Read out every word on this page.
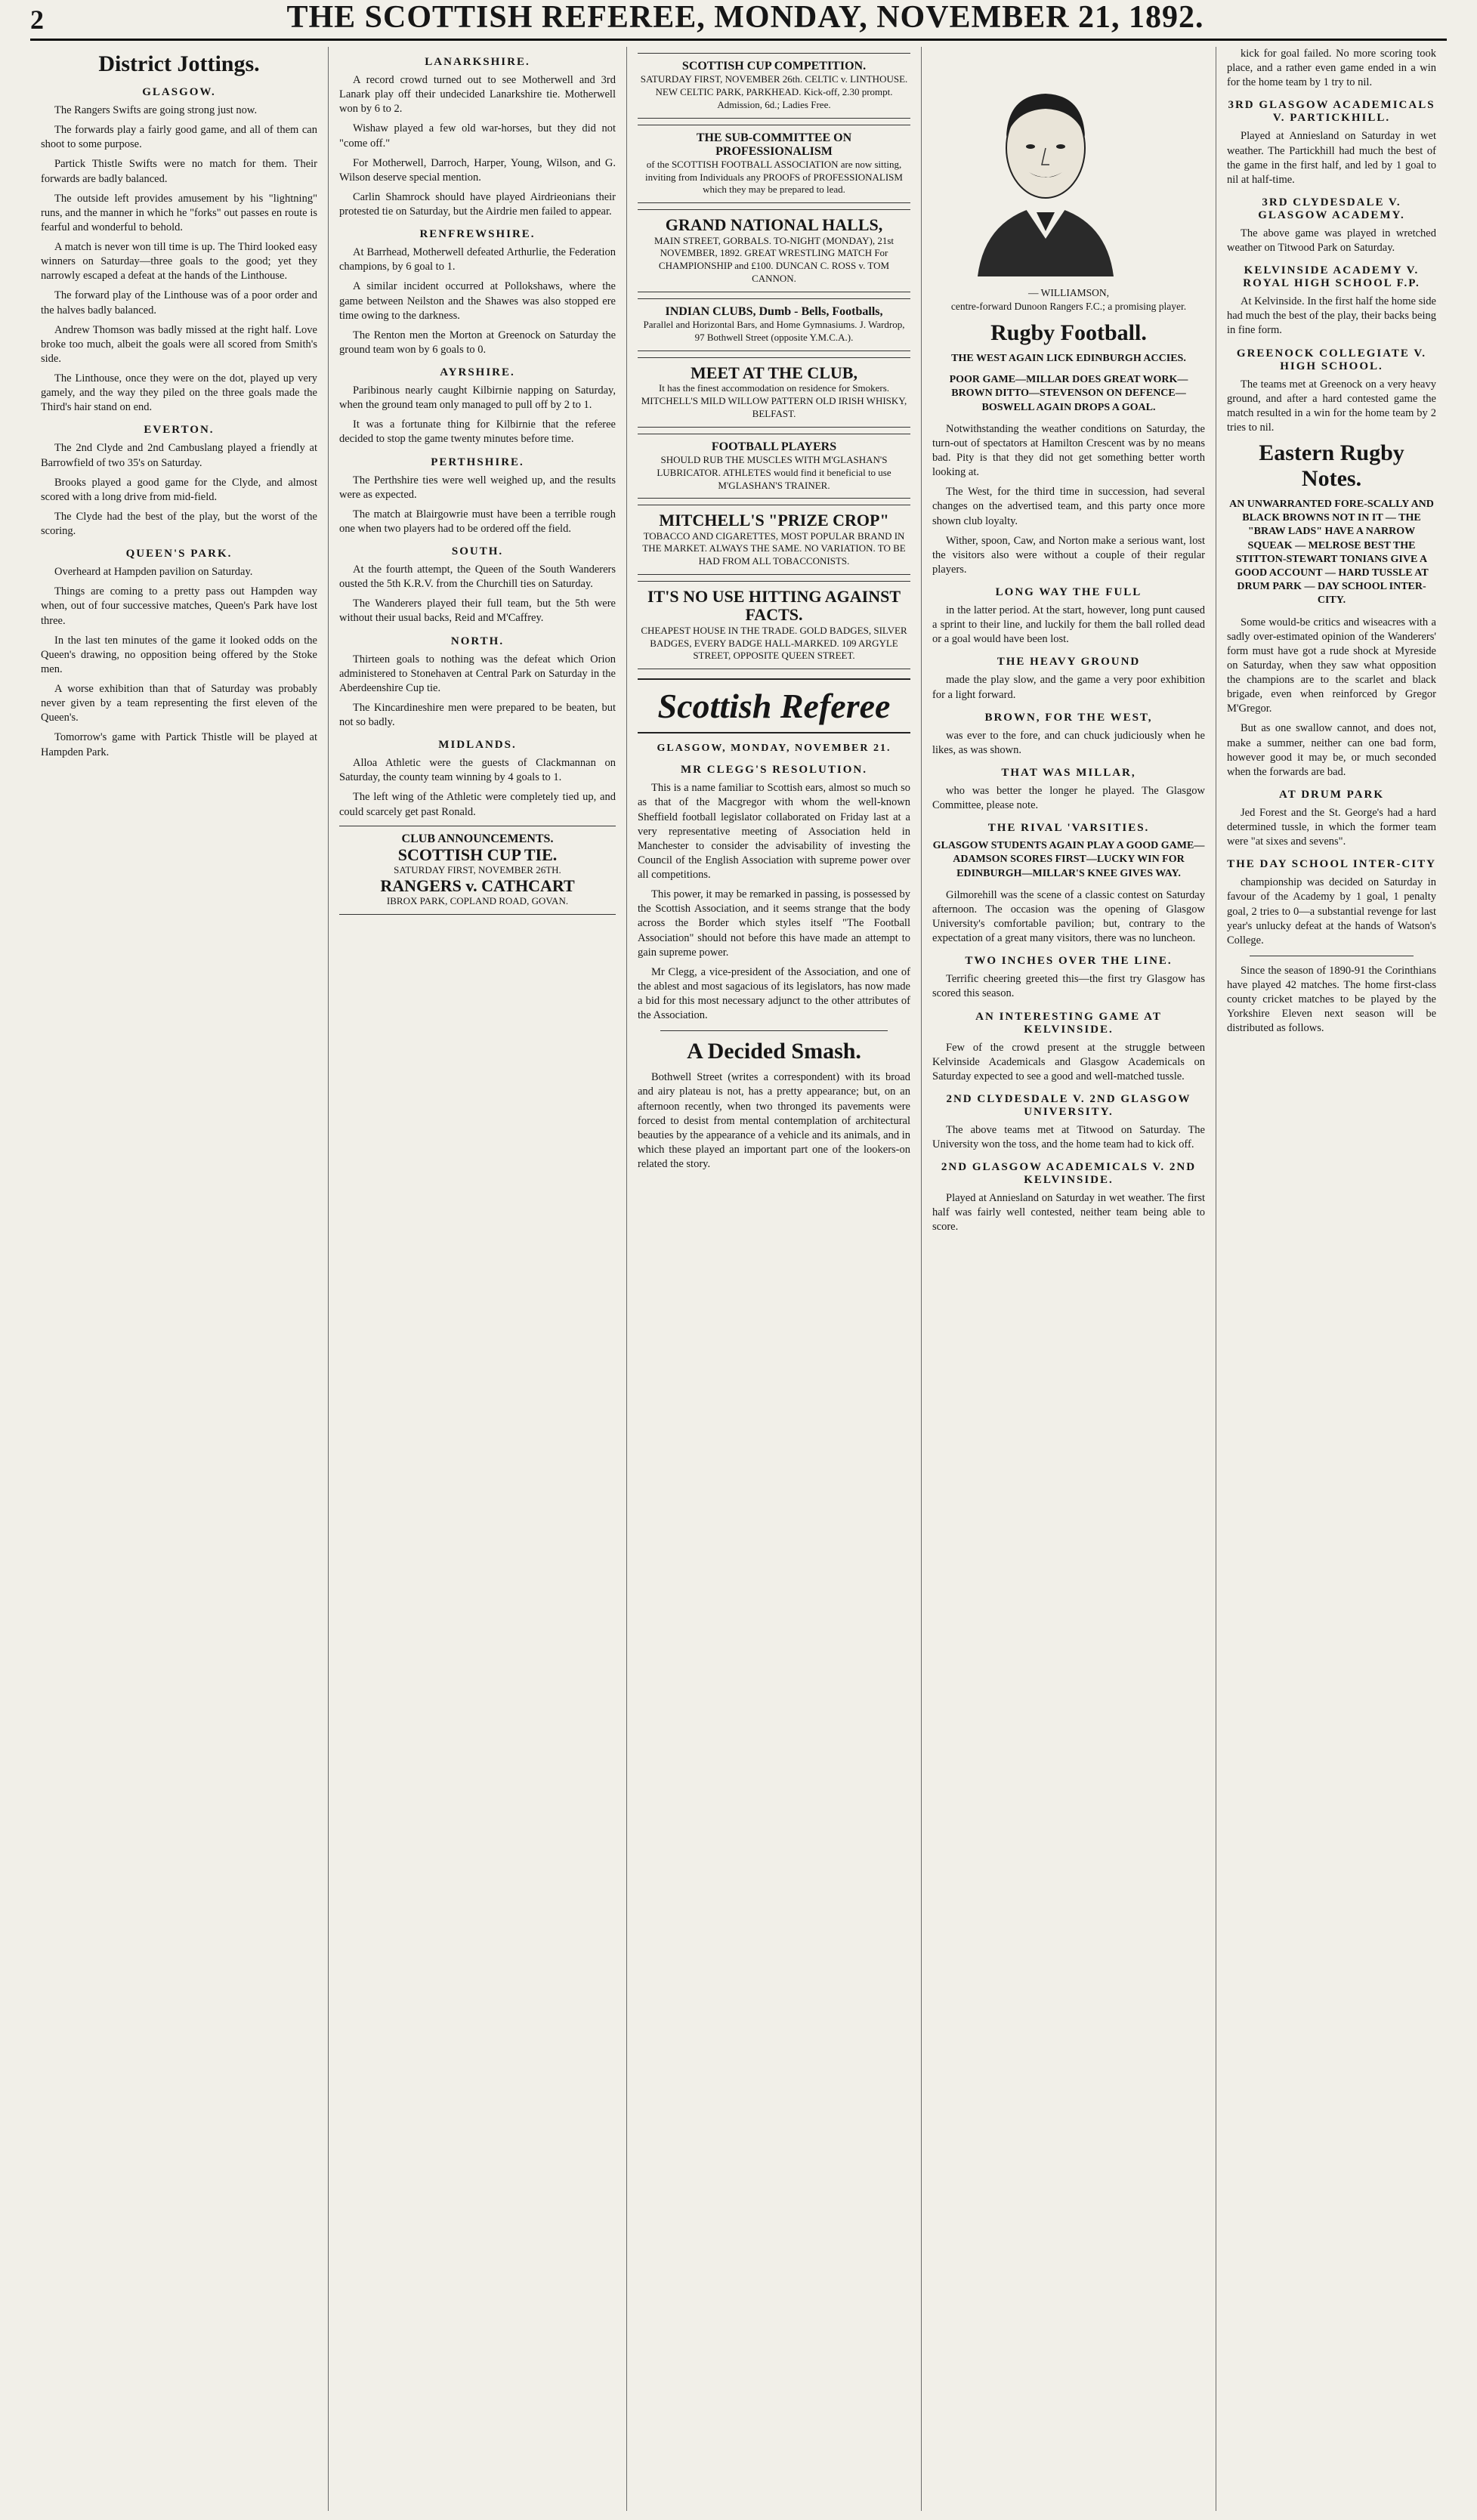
2	THE SCOTTISH REFEREE, MONDAY, NOVEMBER 21, 1892.
District Jottings.
GLASGOW.

The Rangers Swifts are going strong just now.

The forwards play a fairly good game, and all of them can shoot to some purpose.

Partick Thistle Swifts were no match for them. Their forwards are badly balanced.

The outside left provides amusement by his "lightning" runs, and the manner in which he "forks" out passes en route is fearful and wonderful to behold.

A match is never won till time is up. The Third looked easy winners on Saturday—three goals to the good; yet they narrowly escaped a defeat at the hands of the Linthouse.

The forward play of the Linthouse was of a poor order and the halves badly balanced.

Andrew Thomson was badly missed at the right half. Love broke too much, albeit the goals were all scored from Smith's side.

The Linthouse, once they were on the dot, played up very gamely, and the way they piled on the three goals made the Third's hair stand on end.

EVERTON.

The 2nd Clyde and 2nd Cambuslang played a friendly at Barrowfield of two 35's on Saturday.

Brooks played a good game for the Clyde, and almost scored with a long drive from mid-field.

The Clyde had the best of the play, but the worst of the scoring.

QUEEN'S PARK.

Overheard at Hampden pavilion on Saturday.

Things are coming to a pretty pass out Hampden way when, out of four successive matches, Queen's Park have lost three.

In the last ten minutes of the game it looked odds on the Queen's drawing, no opposition being offered by the Stoke men.

A worse exhibition than that of Saturday was probably never given by a team representing the first eleven of the Queen's.

Tomorrow's game with Partick Thistle will be played at Hampden Park.

LANARKSHIRE.

A record crowd turned out to see Motherwell and 3rd Lanark play off their undecided Lanarkshire tie. Motherwell won by 6 to 2.

Wishaw played a few old war-horses, but they did not "come off."

For Motherwell, Darroch, Harper, Young, Wilson, and G. Wilson deserve special mention.

Carlin Shamrock should have played Airdrieonians their protested tie on Saturday, but the Airdrie men failed to appear.

RENFREWSHIRE.

At Barrhead, Motherwell defeated Arthurlie, the Federation champions, by 6 goal to 1.

A similar incident occurred at Pollokshaws, where the game between Neilston and the Shawes was also stopped ere time owing to the darkness.

The Renton men the Morton at Greenock on Saturday the ground team won by 6 goals to 0.

AYRSHIRE.

Paribinous nearly caught Kilbirnie napping on Saturday, when the ground team only managed to pull off by 2 to 1.

It was a fortunate thing for Kilbirnie that the referee decided to stop the game twenty minutes before time.

PERTHSHIRE.

The Perthshire ties were well weighed up, and the results were as expected.

The match at Blairgowrie must have been a terrible rough one when two players had to be ordered off the field.

SOUTH.

At the fourth attempt, the Queen of the South Wanderers ousted the 5th K.R.V. from the Churchill ties on Saturday.

The Wanderers played their full team, but the 5th were without their usual backs, Reid and M'Caffrey.

NORTH.

Thirteen goals to nothing was the defeat which Orion administered to Stonehaven at Central Park on Saturday in the Aberdeenshire Cup tie.

The Kincardineshire men were prepared to be beaten, but not so badly.

MIDLANDS.

Alloa Athletic were the guests of Clackmannan on Saturday, the county team winning by 4 goals to 1.

The left wing of the Athletic were completely tied up, and could scarcely get past Ronald.

CLUB ANNOUNCEMENTS.
SCOTTISH CUP TIE.
SATURDAY FIRST, NOVEMBER 26TH.
RANGERS v. CATHCART
IBROX PARK, COPLAND ROAD, GOVAN.
SCOTTISH CUP COMPETITION.
SATURDAY FIRST, NOVEMBER 26th. CELTIC v. LINTHOUSE. NEW CELTIC PARK, PARKHEAD. Kick-off, 2.30 prompt. Admission, 6d.; Ladies Free.
THE SUB-COMMITTEE ON PROFESSIONALISM
of the SCOTTISH FOOTBALL ASSOCIATION are now sitting, inviting from Individuals any PROOFS of PROFESSIONALISM which they may be prepared to lead.
GRAND NATIONAL HALLS,
MAIN STREET, GORBALS. TO-NIGHT (MONDAY), 21st NOVEMBER, 1892. GREAT WRESTLING MATCH For CHAMPIONSHIP and £100. DUNCAN C. ROSS v. TOM CANNON.
INDIAN CLUBS, Dumb - Bells, Footballs,
Parallel and Horizontal Bars, and Home Gymnasiums. J. Wardrop, 97 Bothwell Street (opposite Y.M.C.A.).
MEET AT THE CLUB,
It has the finest accommodation on residence for Smokers. MITCHELL'S MILD WILLOW PATTERN OLD IRISH WHISKY, BELFAST.
FOOTBALL PLAYERS
SHOULD RUB THE MUSCLES WITH M'GLASHAN'S LUBRICATOR. ATHLETES would find it beneficial to use M'GLASHAN'S TRAINER.
MITCHELL'S "PRIZE CROP"
TOBACCO AND CIGARETTES, MOST POPULAR BRAND IN THE MARKET. ALWAYS THE SAME. NO VARIATION. TO BE HAD FROM ALL TOBACCONISTS.
IT'S NO USE HITTING AGAINST FACTS.
CHEAPEST HOUSE IN THE TRADE. GOLD BADGES, SILVER BADGES, EVERY BADGE HALL-MARKED. 109 ARGYLE STREET, OPPOSITE QUEEN STREET.
Scottish Referee
GLASGOW, MONDAY, NOVEMBER 21.
MR CLEGG'S RESOLUTION.

This is a name familiar to Scottish ears, almost so much so as that of the Macgregor with whom the well-known Sheffield football legislator collaborated on Friday last at a very representative meeting of Association held in Manchester to consider the advisability of investing the Council of the English Association with supreme power over all competitions.

This power, it may be remarked in passing, is possessed by the Scottish Association, and it seems strange that the body across the Border which styles itself "The Football Association" should not before this have made an attempt to gain supreme power.

Mr Clegg, a vice-president of the Association, and one of the ablest and most sagacious of its legislators, has now made a bid for this most necessary adjunct to the other attributes of the Association.

A Decided Smash.

Bothwell Street (writes a correspondent) with its broad and airy plateau is not, has a pretty appearance; but, on an afternoon recently, when two thronged its pavements were forced to desist from mental contemplation of architectural beauties by the appearance of a vehicle and its animals, and in which these played an important part one of the lookers-on related the story.

— WILLIAMSON,
centre-forward Dunoon Rangers F.C.; a promising player.
Rugby Football.
THE WEST AGAIN LICK EDINBURGH ACCIES.
POOR GAME—MILLAR DOES GREAT WORK—BROWN DITTO—STEVENSON ON DEFENCE—BOSWELL AGAIN DROPS A GOAL.

Notwithstanding the weather conditions on Saturday, the turn-out of spectators at Hamilton Crescent was by no means bad. Pity is that they did not get something better worth looking at.

The West, for the third time in succession, had several changes on the advertised team, and this party once more shown club loyalty.

Wither, spoon, Caw, and Norton make a serious want, lost the visitors also were without a couple of their regular players.

LONG WAY THE FULL

in the latter period. At the start, however, long punt caused a sprint to their line, and luckily for them the ball rolled dead or a goal would have been lost.

THE HEAVY GROUND

made the play slow, and the game a very poor exhibition for a light forward.

BROWN, FOR THE WEST,

was ever to the fore, and can chuck judiciously when he likes, as was shown.

THAT WAS MILLAR,

who was better the longer he played. The Glasgow Committee, please note.

THE RIVAL 'VARSITIES.
GLASGOW STUDENTS AGAIN PLAY A GOOD GAME—ADAMSON SCORES FIRST—LUCKY WIN FOR EDINBURGH—MILLAR'S KNEE GIVES WAY.

Gilmorehill was the scene of a classic contest on Saturday afternoon. The occasion was the opening of Glasgow University's comfortable pavilion; but, contrary to the expectation of a great many visitors, there was no luncheon.

TWO INCHES OVER THE LINE.

Terrific cheering greeted this—the first try Glasgow has scored this season.

AN INTERESTING GAME AT KELVINSIDE.

Few of the crowd present at the struggle between Kelvinside Academicals and Glasgow Academicals on Saturday expected to see a good and well-matched tussle.

2ND CLYDESDALE V. 2ND GLASGOW UNIVERSITY.

The above teams met at Titwood on Saturday. The University won the toss, and the home team had to kick off.

2ND GLASGOW ACADEMICALS V. 2ND KELVINSIDE.

Played at Anniesland on Saturday in wet weather. The first half was fairly well contested, neither team being able to score.

kick for goal failed. No more scoring took place, and a rather even game ended in a win for the home team by 1 try to nil.

3RD GLASGOW ACADEMICALS V. PARTICKHILL.

Played at Anniesland on Saturday in wet weather. The Partickhill had much the best of the game in the first half, and led by 1 goal to nil at half-time.

3RD CLYDESDALE V. GLASGOW ACADEMY.

The above game was played in wretched weather on Titwood Park on Saturday.

KELVINSIDE ACADEMY V. ROYAL HIGH SCHOOL F.P.

At Kelvinside. In the first half the home side had much the best of the play, their backs being in fine form.

GREENOCK COLLEGIATE V. HIGH SCHOOL.

The teams met at Greenock on a very heavy ground, and after a hard contested game the match resulted in a win for the home team by 2 tries to nil.

Eastern Rugby Notes.
AN UNWARRANTED FORE-SCALLY AND BLACK BROWNS NOT IN IT — THE "BRAW LADS" HAVE A NARROW SQUEAK — MELROSE BEST THE STITTON-STEWART TONIANS GIVE A GOOD ACCOUNT — HARD TUSSLE AT DRUM PARK — DAY SCHOOL INTER-CITY.

Some would-be critics and wiseacres with a sadly over-estimated opinion of the Wanderers' form must have got a rude shock at Myreside on Saturday, when they saw what opposition the champions are to the scarlet and black brigade, even when reinforced by Gregor M'Gregor.

But as one swallow cannot, and does not, make a summer, neither can one bad form, however good it may be, or much seconded when the forwards are bad.

AT DRUM PARK

Jed Forest and the St. George's had a hard determined tussle, in which the former team were "at sixes and sevens".

THE DAY SCHOOL INTER-CITY

championship was decided on Saturday in favour of the Academy by 1 goal, 1 penalty goal, 2 tries to 0—a substantial revenge for last year's unlucky defeat at the hands of Watson's College.

Since the season of 1890-91 the Corinthians have played 42 matches. The home first-class county cricket matches to be played by the Yorkshire Eleven next season will be distributed as follows.
